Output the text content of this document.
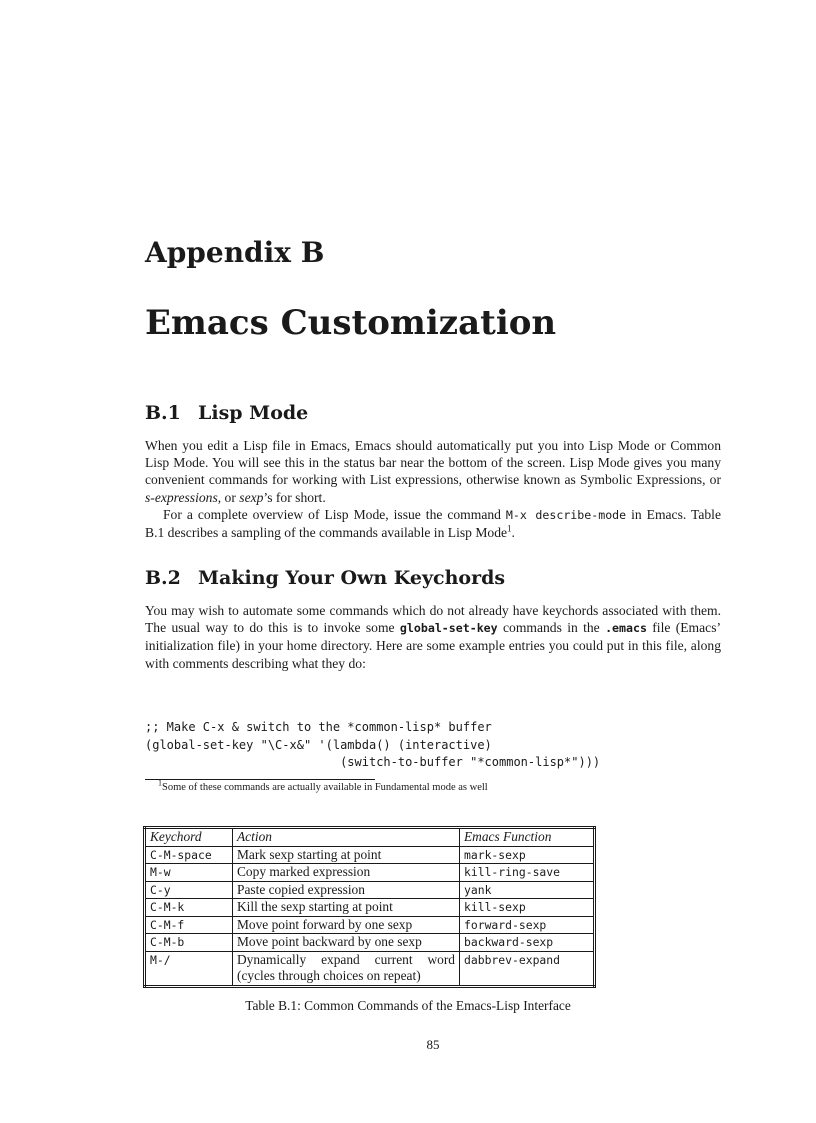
Appendix B
Emacs Customization
B.1 Lisp Mode

When you edit a Lisp file in Emacs, Emacs should automatically put you into Lisp Mode or Common Lisp Mode. You will see this in the status bar near the bottom of the screen. Lisp Mode gives you many convenient commands for working with List expressions, otherwise known as Symbolic Expressions, or s-expressions, or sexp’s for short.

For a complete overview of Lisp Mode, issue the command M-x describe-mode in Emacs. Table B.1 describes a sampling of the commands available in Lisp Mode$^1$.

B.2 Making Your Own Keychords

You may wish to automate some commands which do not already have keychords associated with them. The usual way to do this is to invoke some global-set-key commands in the .emacs file (Emacs’ initialization file) in your home directory. Here are some example entries you could put in this file, along with comments describing what they do:

;; Make C-x & switch to the *common-lisp* buffer
(global-set-key "\C-x&" '(lambda() (interactive)
(switch-to-buffer "*common-lisp*")))

$^1$Some of these commands are actually available in Fundamental mode as well

Keychord	Action	Emacs Function
C-M-space	Mark sexp starting at point	mark-sexp
M-w	Copy marked expression	kill-ring-save
C-y	Paste copied expression	yank
C-M-k	Kill the sexp starting at point	kill-sexp
C-M-f	Move point forward by one sexp	forward-sexp
C-M-b	Move point backward by one sexp	backward-sexp
M-/	Dynamically expand current word (cycles through choices on repeat)	dabbrev-expand

Table B.1: Common Commands of the Emacs-Lisp Interface

85
